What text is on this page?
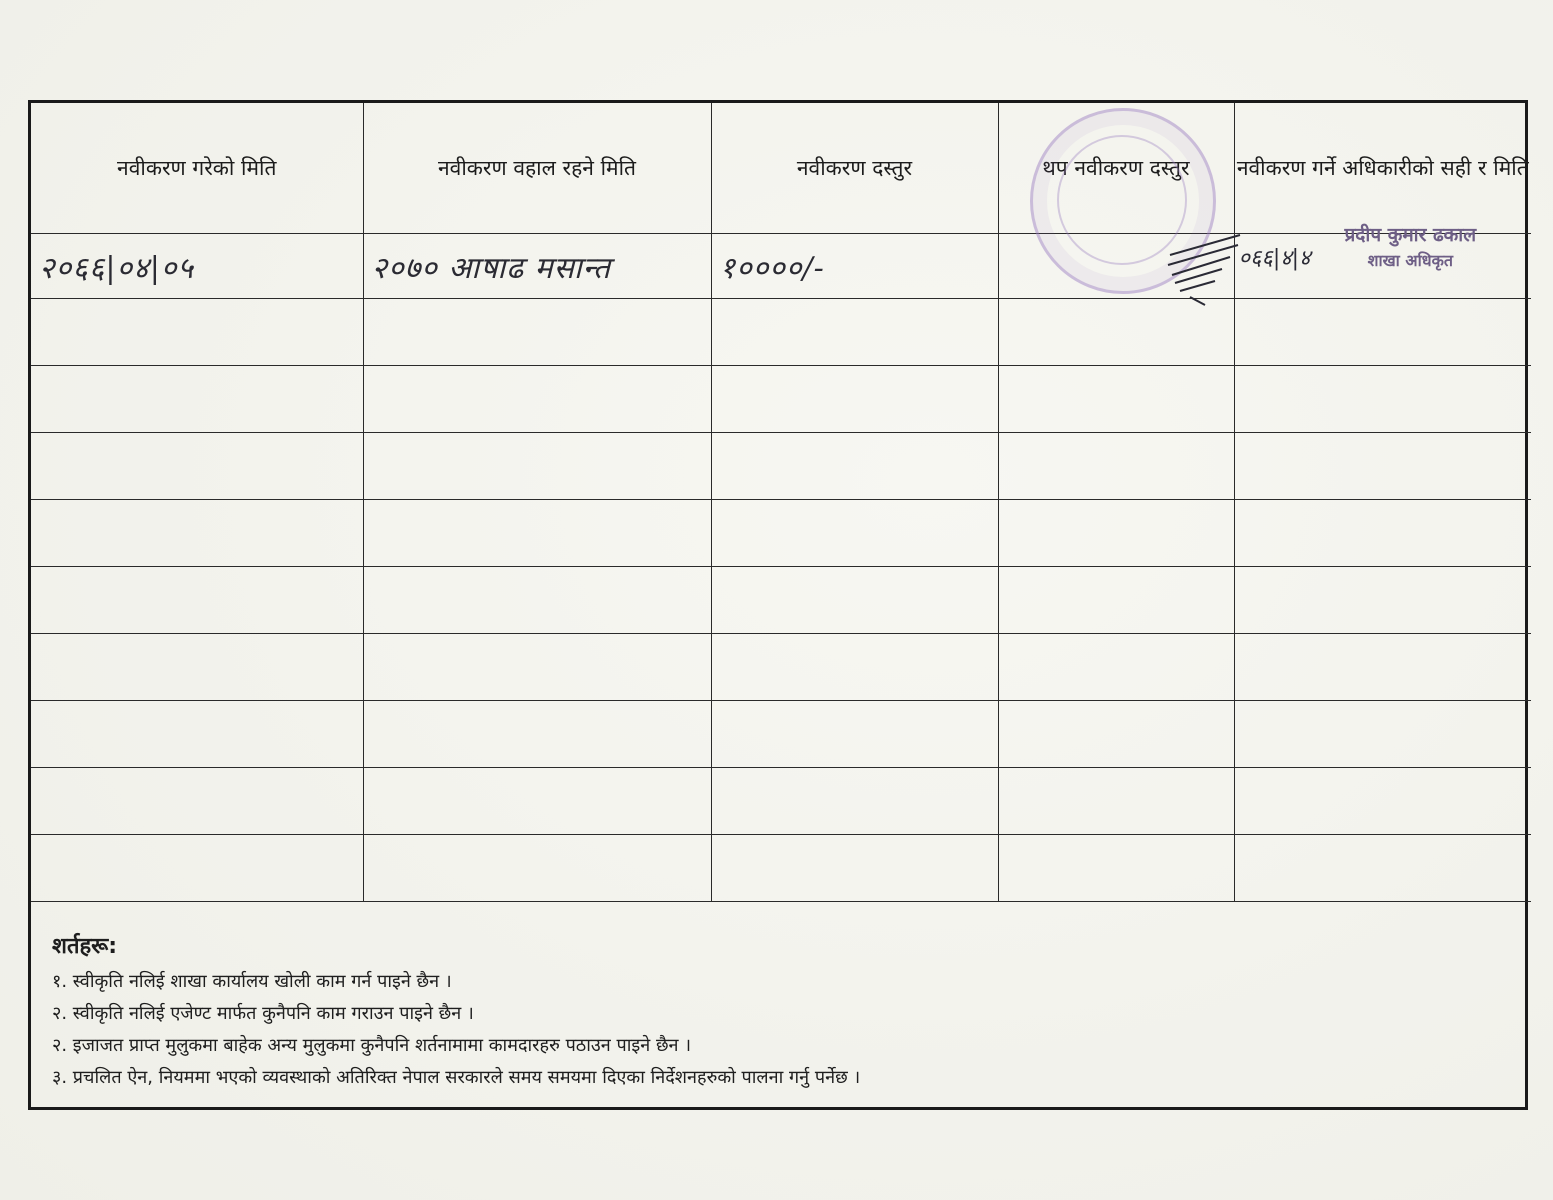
नवीकरण गरेको मिति	नवीकरण वहाल रहने मिति	नवीकरण दस्तुर	थप नवीकरण दस्तुर	नवीकरण गर्ने अधिकारीको सही र मिति
२०६६|०४|०५	२०७० आषाढ मसान्त	१००००/-		०६६|४|४
प्रदीप कुमार ढकाल
शाखा अधिकृत

शर्तहरू:
१. स्वीकृति नलिई शाखा कार्यालय खोली काम गर्न पाइने छैन ।
२. स्वीकृति नलिई एजेण्ट मार्फत कुनैपनि काम गराउन पाइने छैन ।
२. इजाजत प्राप्त मुलुकमा बाहेक अन्य मुलुकमा कुनैपनि शर्तनामामा कामदारहरु पठाउन पाइने छैन ।
३. प्रचलित ऐन, नियममा भएको व्यवस्थाको अतिरिक्त नेपाल सरकारले समय समयमा दिएका निर्देशनहरुको पालना गर्नु पर्नेछ ।
